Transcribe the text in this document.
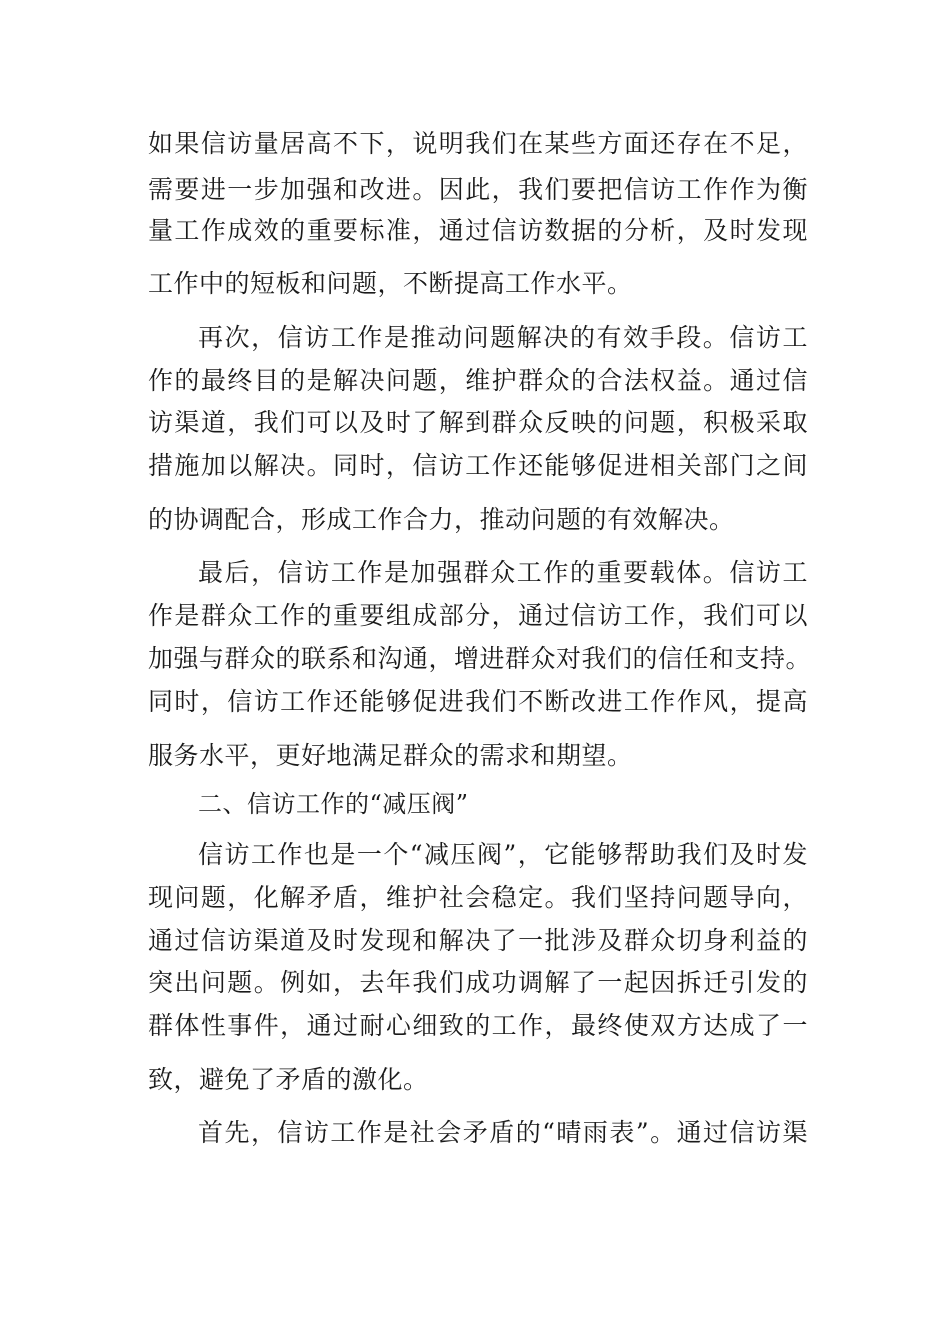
如果信访量居高不下，说明我们在某些方面还存在不足，
需要进一步加强和改进。因此，我们要把信访工作作为衡
量工作成效的重要标准，通过信访数据的分析，及时发现
工作中的短板和问题，不断提高工作水平。
再次，信访工作是推动问题解决的有效手段。信访工
作的最终目的是解决问题，维护群众的合法权益。通过信
访渠道，我们可以及时了解到群众反映的问题，积极采取
措施加以解决。同时，信访工作还能够促进相关部门之间
的协调配合，形成工作合力，推动问题的有效解决。
最后，信访工作是加强群众工作的重要载体。信访工
作是群众工作的重要组成部分，通过信访工作，我们可以
加强与群众的联系和沟通，增进群众对我们的信任和支持。
同时，信访工作还能够促进我们不断改进工作作风，提高
服务水平，更好地满足群众的需求和期望。
二、信访工作的“减压阀”
信访工作也是一个“减压阀”，它能够帮助我们及时发
现问题，化解矛盾，维护社会稳定。我们坚持问题导向，
通过信访渠道及时发现和解决了一批涉及群众切身利益的
突出问题。例如，去年我们成功调解了一起因拆迁引发的
群体性事件，通过耐心细致的工作，最终使双方达成了一
致，避免了矛盾的激化。
首先，信访工作是社会矛盾的“晴雨表”。通过信访渠
